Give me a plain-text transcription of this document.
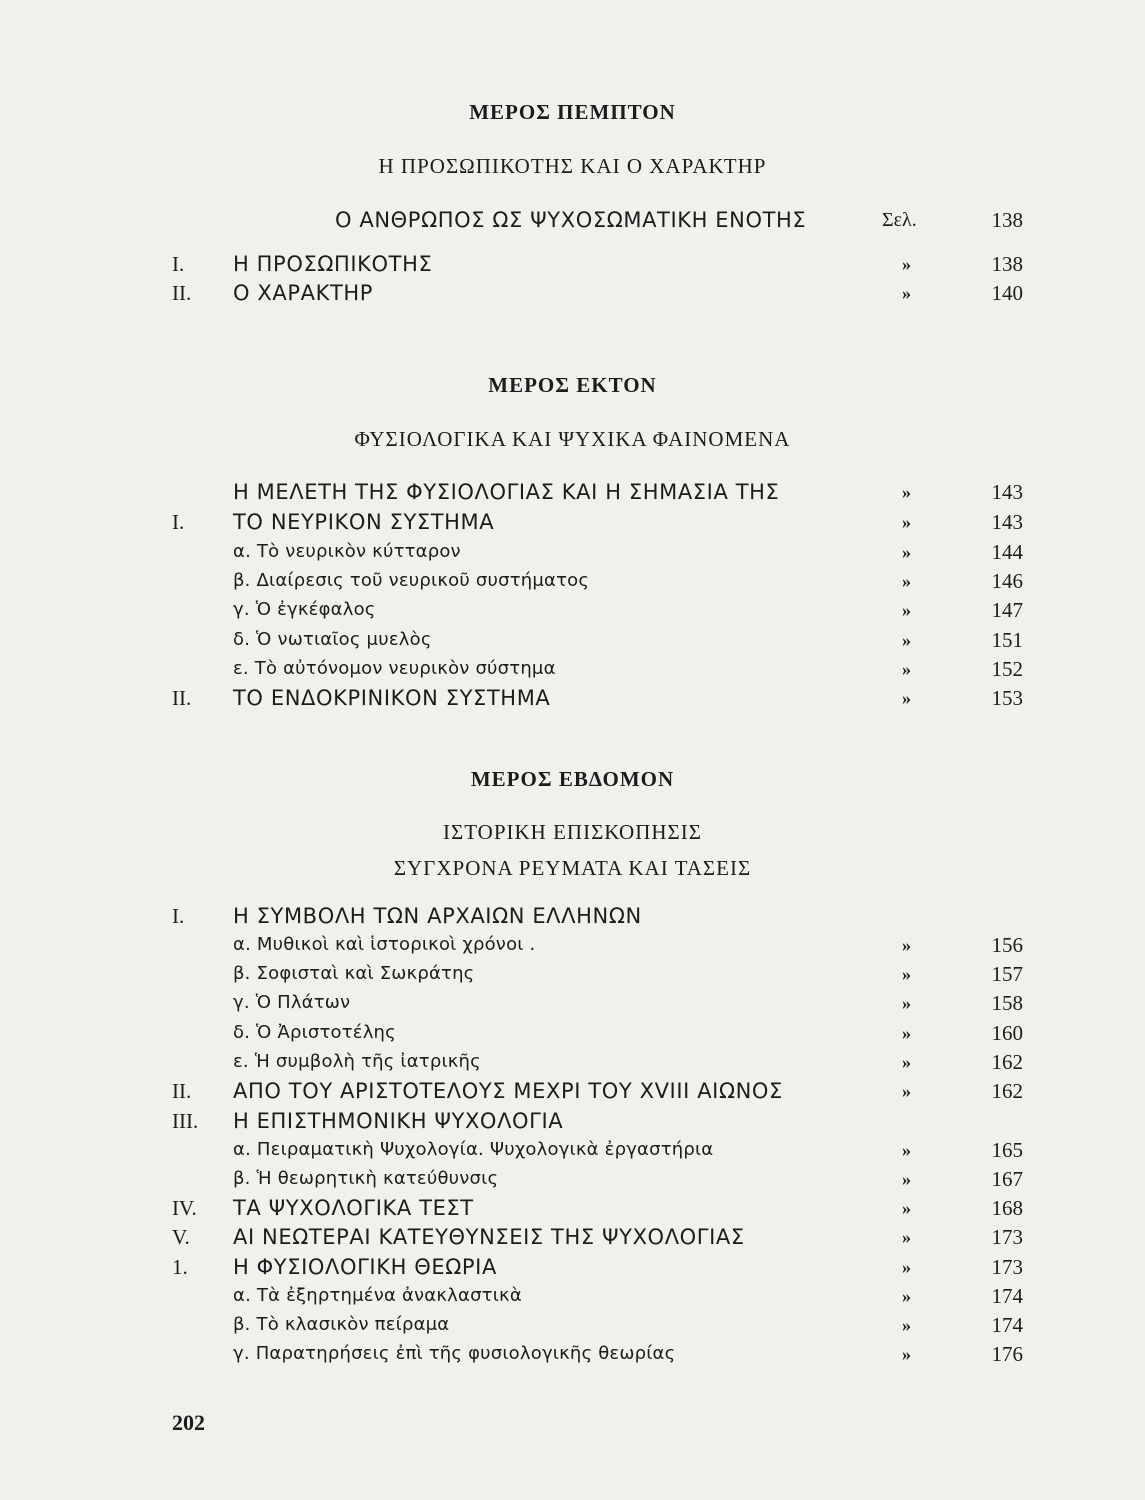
ΜΕΡΟΣ ΠΕΜΠΤΟΝ
Η ΠΡΟΣΩΠΙΚΟΤΗΣ ΚΑΙ Ο ΧΑΡΑΚΤΗΡ
Ο ΑΝΘΡΩΠΟΣ ΩΣ ΨΥΧΟΣΩΜΑΤΙΚΗ ΕΝΟΤΗΣ	Σελ.	138
I. Η ΠΡΟΣΩΠΙΚΟΤΗΣ	»	138
II. Ο ΧΑΡΑΚΤΗΡ	»	140
ΜΕΡΟΣ ΕΚΤΟΝ
ΦΥΣΙΟΛΟΓΙΚΑ ΚΑΙ ΨΥΧΙΚΑ ΦΑΙΝΟΜΕΝΑ
Η ΜΕΛΕΤΗ ΤΗΣ ΦΥΣΙΟΛΟΓΙΑΣ ΚΑΙ Η ΣΗΜΑΣΙΑ ΤΗΣ	»	143
I. ΤΟ ΝΕΥΡΙΚΟΝ ΣΥΣΤΗΜΑ	»	143
α. Τὸ νευρικὸν κύτταρον	»	144
β. Διαίρεσις τοῦ νευρικοῦ συστήματος	»	146
γ. Ὁ ἐγκέφαλος	»	147
δ. Ὁ νωτιαῖος μυελὸς	»	151
ε. Τὸ αὐτόνομον νευρικὸν σύστημα	»	152
II. ΤΟ ΕΝΔΟΚΡΙΝΙΚΟΝ ΣΥΣΤΗΜΑ	»	153
ΜΕΡΟΣ ΕΒΔΟΜΟΝ
ΙΣΤΟΡΙΚΗ ΕΠΙΣΚΟΠΗΣΙΣ
ΣΥΓΧΡΟΝΑ ΡΕΥΜΑΤΑ ΚΑΙ ΤΑΣΕΙΣ
I. Η ΣΥΜΒΟΛΗ ΤΩΝ ΑΡΧΑΙΩΝ ΕΛΛΗΝΩΝ
α. Μυθικοὶ καὶ ἱστορικοὶ χρόνοι .	»	156
β. Σοφισταὶ καὶ Σωκράτης	»	157
γ. Ὁ Πλάτων	»	158
δ. Ὁ Ἀριστοτέλης	»	160
ε. Ἡ συμβολὴ τῆς ἰατρικῆς	»	162
II. ΑΠΟ ΤΟΥ ΑΡΙΣΤΟΤΕΛΟΥΣ ΜΕΧΡΙ ΤΟΥ XVIII ΑΙΩΝΟΣ	»	162
III. Η ΕΠΙΣΤΗΜΟΝΙΚΗ ΨΥΧΟΛΟΓΙΑ
α. Πειραματικὴ Ψυχολογία. Ψυχολογικὰ ἐργαστήρια	»	165
β. Ἡ θεωρητικὴ κατεύθυνσις	»	167
IV. ΤΑ ΨΥΧΟΛΟΓΙΚΑ ΤΕΣΤ	»	168
V. ΑΙ ΝΕΩΤΕΡΑΙ ΚΑΤΕΥΘΥΝΣΕΙΣ ΤΗΣ ΨΥΧΟΛΟΓΙΑΣ	»	173
1. Η ΦΥΣΙΟΛΟΓΙΚΗ ΘΕΩΡΙΑ	»	173
α. Τὰ ἐξηρτημένα ἀνακλαστικὰ	»	174
β. Τὸ κλασικὸν πείραμα	»	174
γ. Παρατηρήσεις ἐπὶ τῆς φυσιολογικῆς θεωρίας	»	176
202
